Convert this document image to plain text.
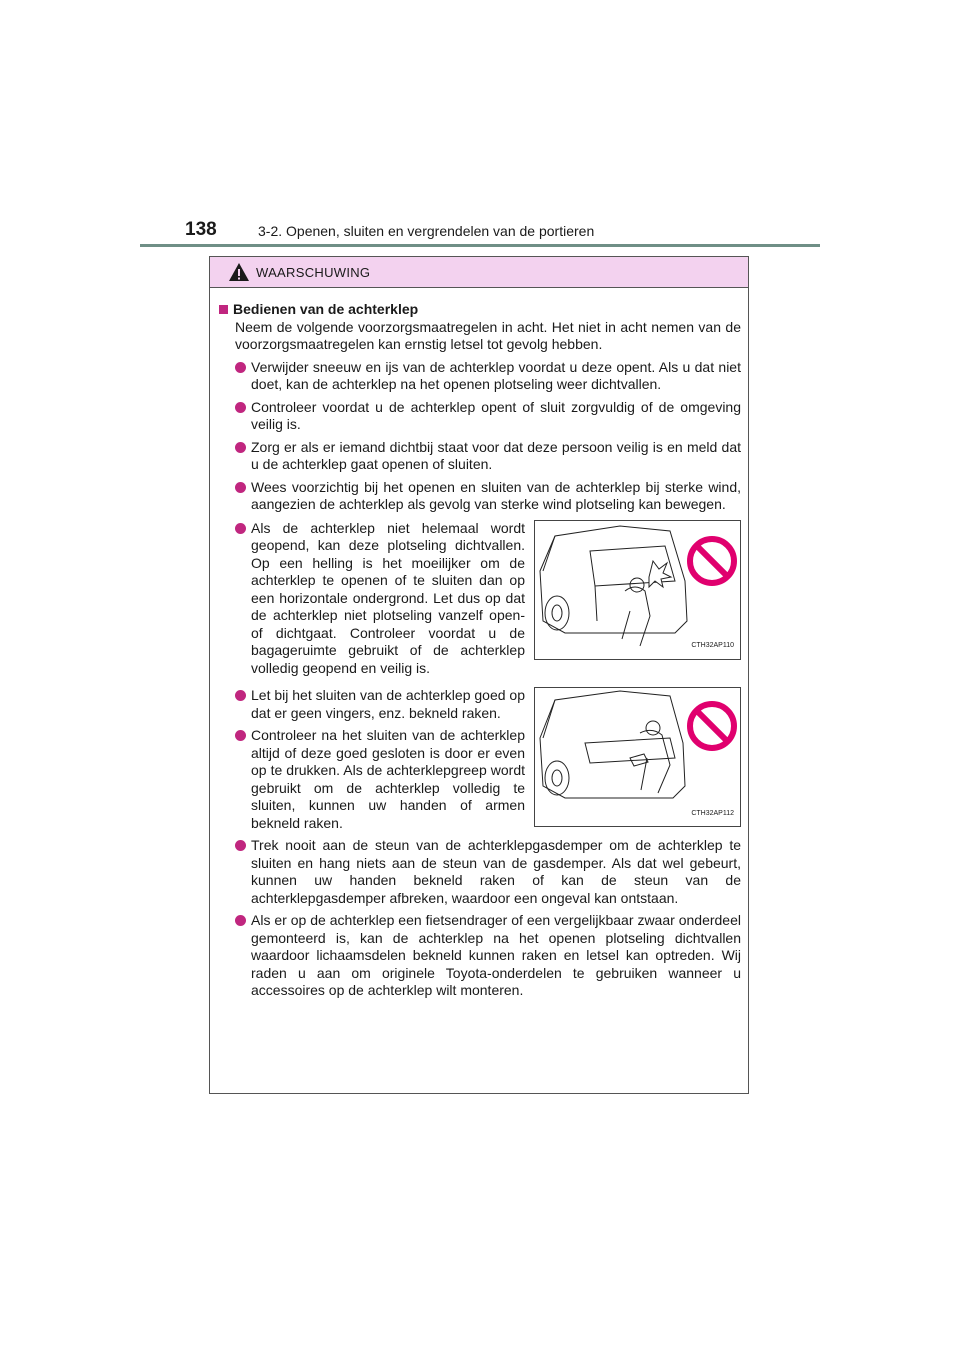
138	3-2. Openen, sluiten en vergrendelen van de portieren
WAARSCHUWING
Bedienen van de achterklep
Neem de volgende voorzorgsmaatregelen in acht. Het niet in acht nemen van de voorzorgsmaatregelen kan ernstig letsel tot gevolg hebben.
Verwijder sneeuw en ijs van de achterklep voordat u deze opent. Als u dat niet doet, kan de achterklep na het openen plotseling weer dichtvallen.
Controleer voordat u de achterklep opent of sluit zorgvuldig of de omgeving veilig is.
Zorg er als er iemand dichtbij staat voor dat deze persoon veilig is en meld dat u de achterklep gaat openen of sluiten.
Wees voorzichtig bij het openen en sluiten van de achterklep bij sterke wind, aangezien de achterklep als gevolg van sterke wind plotseling kan bewegen.
Als de achterklep niet helemaal wordt geopend, kan deze plotseling dichtvallen. Op een helling is het moeilijker om de achterklep te openen of te sluiten dan op een horizontale ondergrond. Let dus op dat de achterklep niet plotseling vanzelf open- of dichtgaat. Controleer voordat u de bagageruimte gebruikt of de achterklep volledig geopend en veilig is.
CTH32AP110
Let bij het sluiten van de achterklep goed op dat er geen vingers, enz. bekneld raken.
Controleer na het sluiten van de achterklep altijd of deze goed gesloten is door er even op te drukken. Als de achterklepgreep wordt gebruikt om de achterklep volledig te sluiten, kunnen uw handen of armen bekneld raken.
CTH32AP112
Trek nooit aan de steun van de achterklepgasdemper om de achterklep te sluiten en hang niets aan de steun van de gasdemper. Als dat wel gebeurt, kunnen uw handen bekneld raken of kan de steun van de achterklepgasdemper afbreken, waardoor een ongeval kan ontstaan.
Als er op de achterklep een fietsendrager of een vergelijkbaar zwaar onderdeel gemonteerd is, kan de achterklep na het openen plotseling dichtvallen waardoor lichaamsdelen bekneld kunnen raken en letsel kan optreden. Wij raden u aan om originele Toyota-onderdelen te gebruiken wanneer u accessoires op de achterklep wilt monteren.
